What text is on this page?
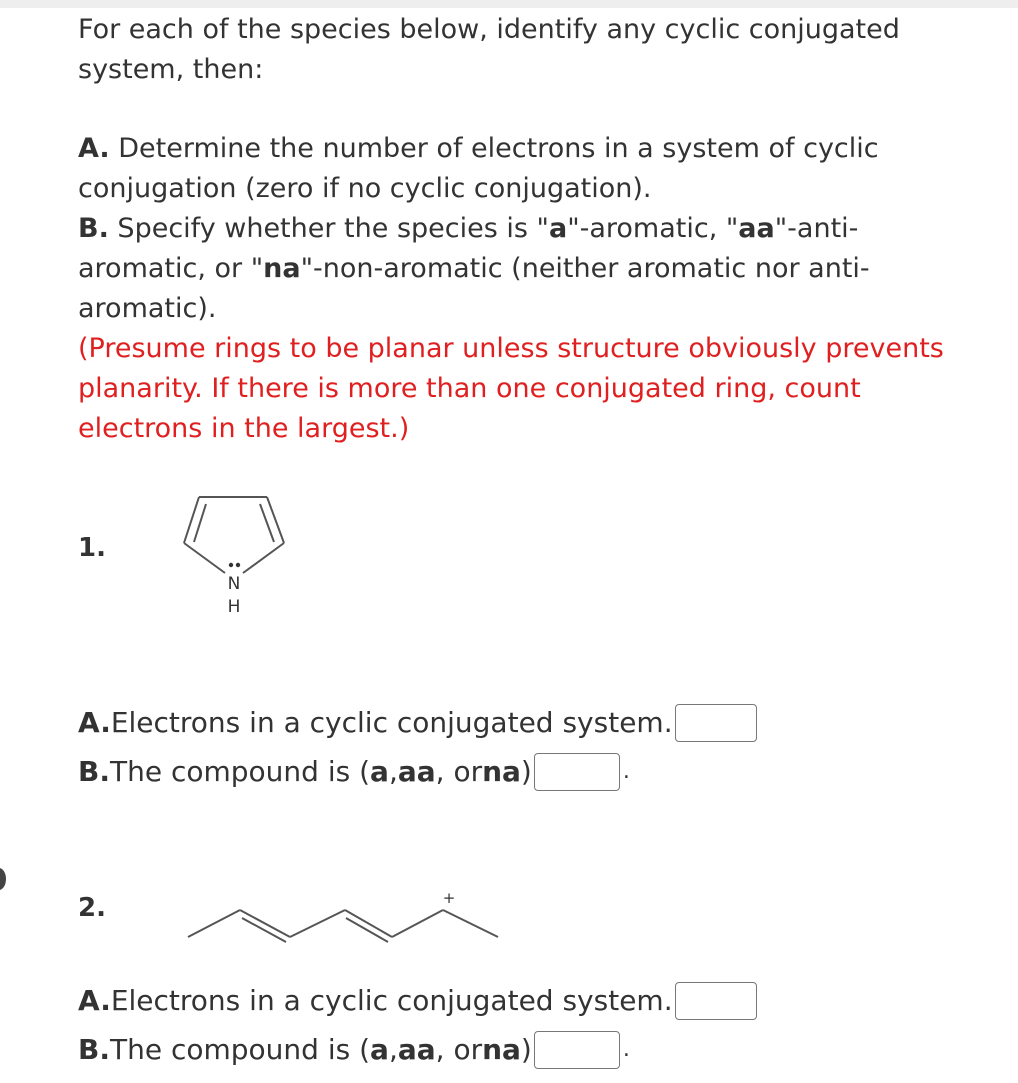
For each of the species below, identify any cyclic conjugated system, then:

A. Determine the number of electrons in a system of cyclic conjugation (zero if no cyclic conjugation).
B. Specify whether the species is "a"-aromatic, "aa"-anti-aromatic, or "na"-non-aromatic (neither aromatic nor anti-aromatic).
(Presume rings to be planar unless structure obviously prevents planarity. If there is more than one conjugated ring, count electrons in the largest.)

1.
N
H
A. Electrons in a cyclic conjugated system.
B. The compound is ( a , aa , or na )	.
2.	+
A. Electrons in a cyclic conjugated system.
B. The compound is ( a , aa , or na )	.
